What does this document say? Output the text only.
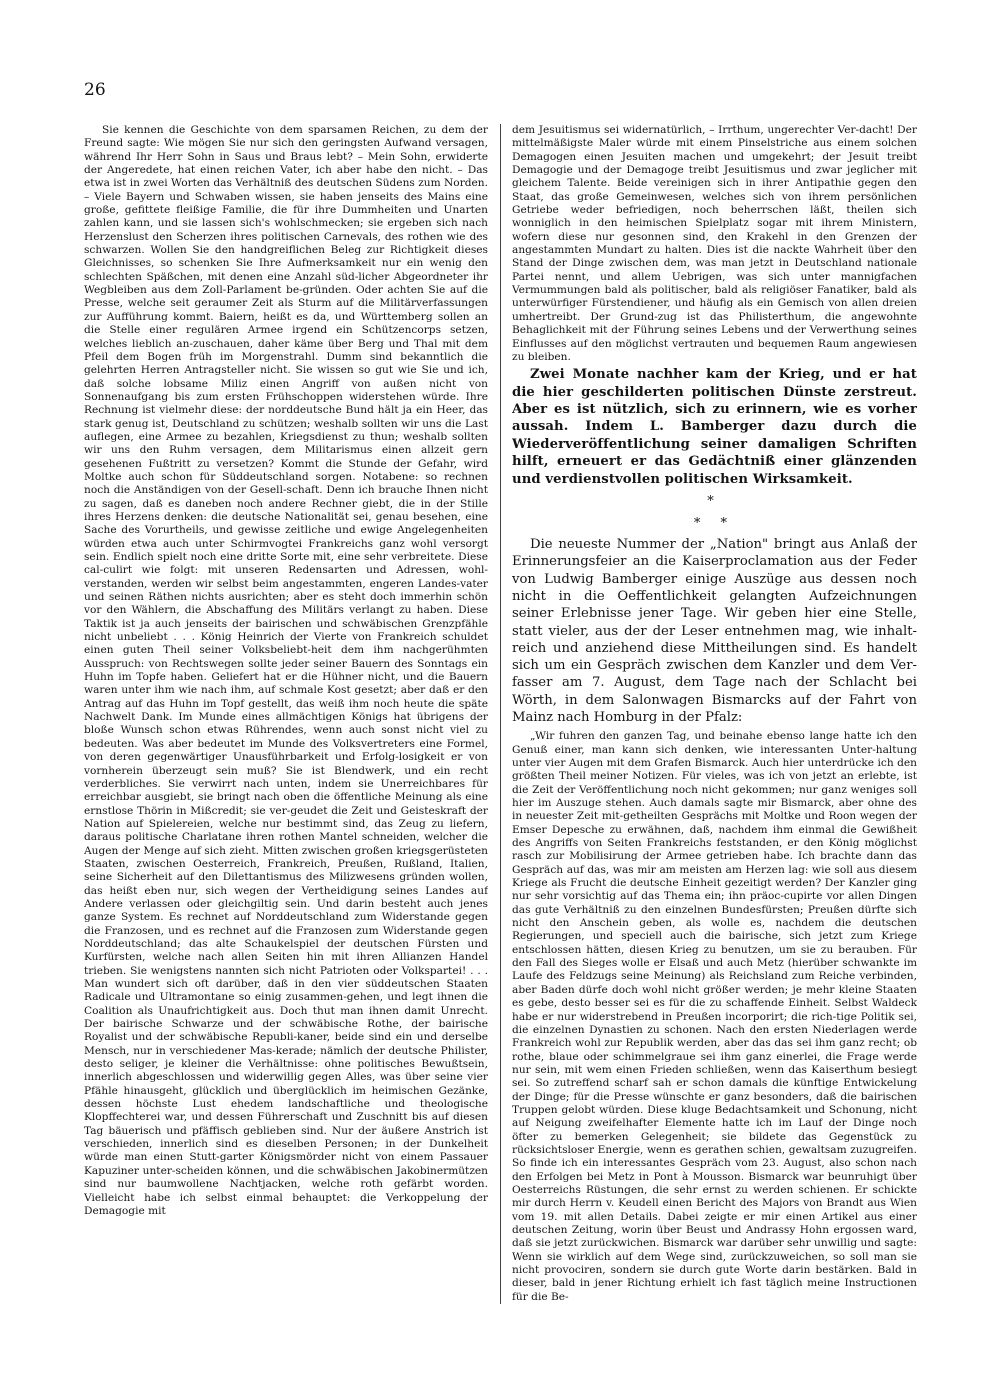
26

Sie kennen die Geschichte von dem sparsamen Reichen, zu dem der Freund sagte: Wie mögen Sie nur sich den geringsten Aufwand versagen, während Ihr Herr Sohn in Saus und Braus lebt? – Mein Sohn, erwiderte der Angeredete, hat einen reichen Vater, ich aber habe den nicht. – Das etwa ist in zwei Worten das Verhältniß des deutschen Südens zum Norden. – Viele Bayern und Schwaben wissen, sie haben jenseits des Mains eine große, gefittete fleißige Familie, die für ihre Dummheiten und Unarten zahlen kann, und sie lassen sich's wohlschmecken; sie ergeben sich nach Herzenslust den Scherzen ihres politischen Carnevals, des rothen wie des schwarzen. Wollen Sie den handgreiflichen Beleg zur Richtigkeit dieses Gleichnisses, so schenken Sie Ihre Aufmerksamkeit nur ein wenig den schlechten Späßchen, mit denen eine Anzahl süd-licher Abgeordneter ihr Wegbleiben aus dem Zoll-Parlament be-gründen. Oder achten Sie auf die Presse, welche seit geraumer Zeit als Sturm auf die Militärverfassungen zur Aufführung kommt. Baiern, heißt es da, und Württemberg sollen an die Stelle einer regulären Armee irgend ein Schützencorps setzen, welches lieblich an-zuschauen, daher käme über Berg und Thal mit dem Pfeil dem Bogen früh im Morgenstrahl. Dumm sind bekanntlich die gelehrten Herren Antragsteller nicht. Sie wissen so gut wie Sie und ich, daß solche lobsame Miliz einen Angriff von außen nicht von Sonnenaufgang bis zum ersten Frühschoppen widerstehen würde. Ihre Rechnung ist vielmehr diese: der norddeutsche Bund hält ja ein Heer, das stark genug ist, Deutschland zu schützen; weshalb sollten wir uns die Last auflegen, eine Armee zu bezahlen, Kriegsdienst zu thun; weshalb sollten wir uns den Ruhm versagen, dem Militarismus einen allzeit gern gesehenen Fußtritt zu versetzen? Kommt die Stunde der Gefahr, wird Moltke auch schon für Süddeutschland sorgen. Notabene: so rechnen noch die Anständigen von der Gesell-schaft. Denn ich brauche Ihnen nicht zu sagen, daß es daneben noch andere Rechner giebt, die in der Stille ihres Herzens denken: die deutsche Nationalität sei, genau besehen, eine Sache des Vorurtheils, und gewisse zeitliche und ewige Angelegenheiten würden etwa auch unter Schirmvogtei Frankreichs ganz wohl versorgt sein. Endlich spielt noch eine dritte Sorte mit, eine sehr verbreitete. Diese cal-culirt wie folgt: mit unseren Redensarten und Adressen, wohl-verstanden, werden wir selbst beim angestammten, engeren Landes-vater und seinen Räthen nichts ausrichten; aber es steht doch immerhin schön vor den Wählern, die Abschaffung des Militärs verlangt zu haben. Diese Taktik ist ja auch jenseits der bairischen und schwäbischen Grenzpfähle nicht unbeliebt . . . König Heinrich der Vierte von Frankreich schuldet einen guten Theil seiner Volksbeliebt-heit dem ihm nachgerühmten Ausspruch: von Rechtswegen sollte jeder seiner Bauern des Sonntags ein Huhn im Topfe haben. Geliefert hat er die Hühner nicht, und die Bauern waren unter ihm wie nach ihm, auf schmale Kost gesetzt; aber daß er den Antrag auf das Huhn im Topf gestellt, das weiß ihm noch heute die späte Nachwelt Dank. Im Munde eines allmächtigen Königs hat übrigens der bloße Wunsch schon etwas Rührendes, wenn auch sonst nicht viel zu bedeuten. Was aber bedeutet im Munde des Volksvertreters eine Formel, von deren gegenwärtiger Unausführbarkeit und Erfolg-losigkeit er von vornherein überzeugt sein muß? Sie ist Blendwerk, und ein recht verderbliches. Sie verwirrt nach unten, indem sie Unerreichbares für erreichbar ausgiebt, sie bringt nach oben die öffentliche Meinung als eine ernstlose Thörin in Mißcredit; sie ver-geudet die Zeit und Geisteskraft der Nation auf Spielereien, welche nur bestimmt sind, das Zeug zu liefern, daraus politische Charlatane ihren rothen Mantel schneiden, welcher die Augen der Menge auf sich zieht. Mitten zwischen großen kriegsgerüsteten Staaten, zwischen Oesterreich, Frankreich, Preußen, Rußland, Italien, seine Sicherheit auf den Dilettantismus des Milizwesens gründen wollen, das heißt eben nur, sich wegen der Vertheidigung seines Landes auf Andere verlassen oder gleichgiltig sein. Und darin besteht auch jenes ganze System. Es rechnet auf Norddeutschland zum Widerstande gegen die Franzosen, und es rechnet auf die Franzosen zum Widerstande gegen Norddeutschland; das alte Schaukelspiel der deutschen Fürsten und Kurfürsten, welche nach allen Seiten hin mit ihren Allianzen Handel trieben. Sie wenigstens nannten sich nicht Patrioten oder Volkspartei! . . . Man wundert sich oft darüber, daß in den vier süddeutschen Staaten Radicale und Ultramontane so einig zusammen-gehen, und legt ihnen die Coalition als Unaufrichtigkeit aus. Doch thut man ihnen damit Unrecht. Der bairische Schwarze und der schwäbische Rothe, der bairische Royalist und der schwäbische Republi-kaner, beide sind ein und derselbe Mensch, nur in verschiedener Mas-kerade; nämlich der deutsche Philister, desto seliger, je kleiner die Verhältnisse: ohne politisches Bewußtsein, innerlich abgeschlossen und widerwillig gegen Alles, was über seine vier Pfähle hinausgeht, glücklich und überglücklich im heimischen Gezänke, dessen höchste Lust ehedem landschaftliche und theologische Klopffechterei war, und dessen Führerschaft und Zuschnitt bis auf diesen Tag bäuerisch und pfäffisch geblieben sind. Nur der äußere Anstrich ist verschieden, innerlich sind es dieselben Personen; in der Dunkelheit würde man einen Stutt-garter Königsmörder nicht von einem Passauer Kapuziner unter-scheiden können, und die schwäbischen Jakobinermützen sind nur baumwollene Nachtjacken, welche roth gefärbt worden. Vielleicht habe ich selbst einmal behauptet: die Verkoppelung der Demagogie mit

dem Jesuitismus sei widernatürlich, – Irrthum, ungerechter Ver-dacht! Der mittelmäßigste Maler würde mit einem Pinselstriche aus einem solchen Demagogen einen Jesuiten machen und umgekehrt; der Jesuit treibt Demagogie und der Demagoge treibt Jesuitismus und zwar jeglicher mit gleichem Talente. Beide vereinigen sich in ihrer Antipathie gegen den Staat, das große Gemeinwesen, welches sich von ihrem persönlichen Getriebe weder befriedigen, noch beherrschen läßt, theilen sich wonniglich in den heimischen Spielplatz sogar mit ihrem Ministern, wofern diese nur gesonnen sind, den Krakehl in den Grenzen der angestammten Mundart zu halten. Dies ist die nackte Wahrheit über den Stand der Dinge zwischen dem, was man jetzt in Deutschland nationale Partei nennt, und allem Uebrigen, was sich unter mannigfachen Vermummungen bald als politischer, bald als religiöser Fanatiker, bald als unterwürfiger Fürstendiener, und häufig als ein Gemisch von allen dreien umhertreibt. Der Grund-zug ist das Philisterthum, die angewohnte Behaglichkeit mit der Führung seines Lebens und der Verwerthung seines Einflusses auf den möglichst vertrauten und bequemen Raum angewiesen zu bleiben.

Zwei Monate nachher kam der Krieg, und er hat die hier geschilderten politischen Dünste zerstreut. Aber es ist nützlich, sich zu erinnern, wie es vorher aussah. Indem L. Bamberger dazu durch die Wiederveröffentlichung seiner damaligen Schriften hilft, erneuert er das Gedächtniß einer glänzenden und verdienstvollen politischen Wirksamkeit.

*
* *

Die neueste Nummer der „Nation" bringt aus Anlaß der Erinnerungsfeier an die Kaiserproclamation aus der Feder von Ludwig Bamberger einige Auszüge aus dessen noch nicht in die Oeffentlichkeit gelangten Aufzeichnungen seiner Erlebnisse jener Tage. Wir geben hier eine Stelle, statt vieler, aus der der Leser entnehmen mag, wie inhalt-reich und anziehend diese Mittheilungen sind. Es handelt sich um ein Gespräch zwischen dem Kanzler und dem Ver-fasser am 7. August, dem Tage nach der Schlacht bei Wörth, in dem Salonwagen Bismarcks auf der Fahrt von Mainz nach Homburg in der Pfalz:

„Wir fuhren den ganzen Tag, und beinahe ebenso lange hatte ich den Genuß einer, man kann sich denken, wie interessanten Unter-haltung unter vier Augen mit dem Grafen Bismarck. Auch hier unterdrücke ich den größten Theil meiner Notizen. Für vieles, was ich von jetzt an erlebte, ist die Zeit der Veröffentlichung noch nicht gekommen; nur ganz weniges soll hier im Auszuge stehen. Auch damals sagte mir Bismarck, aber ohne des in neuester Zeit mit-getheilten Gesprächs mit Moltke und Roon wegen der Emser Depesche zu erwähnen, daß, nachdem ihm einmal die Gewißheit des Angriffs von Seiten Frankreichs feststanden, er den König möglichst rasch zur Mobilisirung der Armee getrieben habe. Ich brachte dann das Gespräch auf das, was mir am meisten am Herzen lag: wie soll aus diesem Kriege als Frucht die deutsche Einheit gezeitigt werden? Der Kanzler ging nur sehr vorsichtig auf das Thema ein; ihn präoc-cupirte vor allen Dingen das gute Verhältniß zu den einzelnen Bundesfürsten; Preußen dürfte sich nicht den Anschein geben, als wolle es, nachdem die deutschen Regierungen, und speciell auch die bairische, sich jetzt zum Kriege entschlossen hätten, diesen Krieg zu benutzen, um sie zu berauben. Für den Fall des Sieges wolle er Elsaß und auch Metz (hierüber schwankte im Laufe des Feldzugs seine Meinung) als Reichsland zum Reiche verbinden, aber Baden dürfe doch wohl nicht größer werden; je mehr kleine Staaten es gebe, desto besser sei es für die zu schaffende Einheit. Selbst Waldeck habe er nur widerstrebend in Preußen incorporirt; die rich-tige Politik sei, die einzelnen Dynastien zu schonen. Nach den ersten Niederlagen werde Frankreich wohl zur Republik werden, aber das das sei ihm ganz recht; ob rothe, blaue oder schimmelgraue sei ihm ganz einerlei, die Frage werde nur sein, mit wem einen Frieden schließen, wenn das Kaiserthum besiegt sei. So zutreffend scharf sah er schon damals die künftige Entwickelung der Dinge; für die Presse wünschte er ganz besonders, daß die bairischen Truppen gelobt würden. Diese kluge Bedachtsamkeit und Schonung, nicht auf Neigung zweifelhafter Elemente hatte ich im Lauf der Dinge noch öfter zu bemerken Gelegenheit; sie bildete das Gegenstück zu rücksichtsloser Energie, wenn es gerathen schien, gewaltsam zuzugreifen. So finde ich ein interessantes Gespräch vom 23. August, also schon nach den Erfolgen bei Metz in Pont à Mousson. Bismarck war beunruhigt über Oesterreichs Rüstungen, die sehr ernst zu werden schienen. Er schickte mir durch Herrn v. Keudell einen Bericht des Majors von Brandt aus Wien vom 19. mit allen Details. Dabei zeigte er mir einen Artikel aus einer deutschen Zeitung, worin über Beust und Andrassy Hohn ergossen ward, daß sie jetzt zurückwichen. Bismarck war darüber sehr unwillig und sagte: Wenn sie wirklich auf dem Wege sind, zurückzuweichen, so soll man sie nicht provociren, sondern sie durch gute Worte darin bestärken. Bald in dieser, bald in jener Richtung erhielt ich fast täglich meine Instructionen für die Be-
